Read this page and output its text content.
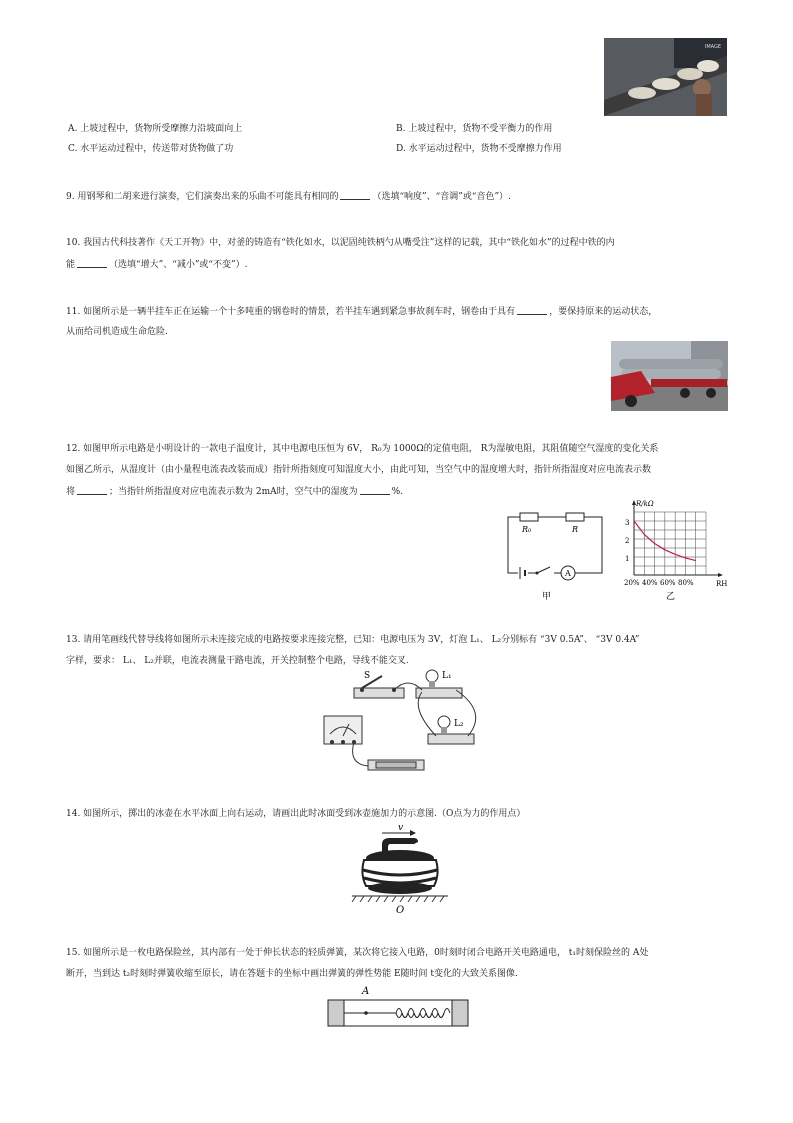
IMAGE
A. 上坡过程中，货物所受摩擦力沿坡面向上	B. 上坡过程中，货物不受平衡力的作用
C. 水平运动过程中，传送带对货物做了功	D. 水平运动过程中，货物不受摩擦力作用
9. 用钢琴和二胡来进行演奏，它们演奏出来的乐曲不可能具有相同的	（选填“响度”、“音调”或“音色”）.
10. 我国古代科技著作《天工开物》中，对釜的铸造有“铁化如水，以泥固纯铁柄勺从嘴受注”这样的记载，其中“铁化如水”的过程中铁的内
能	（选填“增大”、“减小”或“不变”）.
11. 如图所示是一辆半挂车正在运输一个十多吨重的钢卷时的情景，若半挂车遇到紧急事故刹车时，钢卷由于具有	，要保持原来的运动状态，
从而给司机造成生命危险.
12. 如图甲所示电路是小明设计的一款电子温度计，其中电源电压恒为 6V， R₀为 1000Ω的定值电阻， R为湿敏电阻，其阻值随空气湿度的变化关系
如图乙所示，从湿度计（由小量程电流表改装而成）指针所指刻度可知湿度大小，由此可知，当空气中的湿度增大时，指针所指湿度对应电流表示数
将	；当指针所指湿度对应电流表示数为 2mA时，空气中的湿度为	%.
R₀	R
A
甲
R/kΩ
RH
3
2
1
20% 40% 60% 80%
乙
13. 请用笔画线代替导线将如图所示未连接完成的电路按要求连接完整，已知：电源电压为 3V，灯泡 L₁、 L₂分别标有 “3V 0.5A”、 “3V 0.4A”
字样，要求： L₁、 L₂并联，电流表测量干路电流，开关控制整个电路，导线不能交叉.
S	L₁
L₂
14. 如图所示，掷出的冰壶在水平冰面上向右运动，请画出此时冰面受到冰壶施加力的示意图.（O点为力的作用点）
v
O
15. 如图所示是一枚电路保险丝，其内部有一处于伸长状态的轻质弹簧，某次将它接入电路，0时刻时闭合电路开关电路通电， t₁时刻保险丝的 A处
断开，当到达 t₂时刻时弹簧收缩至原长，请在答题卡的坐标中画出弹簧的弹性势能 E随时间 t变化的大致关系图像.
A
